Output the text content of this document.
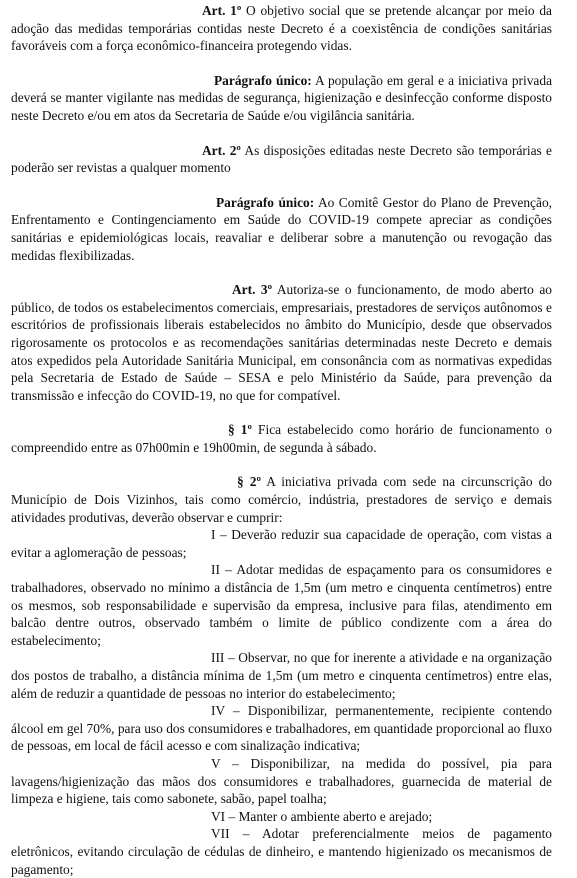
Art. 1º O objetivo social que se pretende alcançar por meio da adoção das medidas temporárias contidas neste Decreto é a coexistência de condições sanitárias favoráveis com a força econômico-financeira protegendo vidas.

Parágrafo único: A população em geral e a iniciativa privada deverá se manter vigilante nas medidas de segurança, higienização e desinfecção conforme disposto neste Decreto e/ou em atos da Secretaria de Saúde e/ou vigilância sanitária.

Art. 2º As disposições editadas neste Decreto são temporárias e poderão ser revistas a qualquer momento

Parágrafo único: Ao Comitê Gestor do Plano de Prevenção, Enfrentamento e Contingenciamento em Saúde do COVID-19 compete apreciar as condições sanitárias e epidemiológicas locais, reavaliar e deliberar sobre a manutenção ou revogação das medidas flexibilizadas.

Art. 3º Autoriza-se o funcionamento, de modo aberto ao público, de todos os estabelecimentos comerciais, empresariais, prestadores de serviços autônomos e escritórios de profissionais liberais estabelecidos no âmbito do Município, desde que observados rigorosamente os protocolos e as recomendações sanitárias determinadas neste Decreto e demais atos expedidos pela Autoridade Sanitária Municipal, em consonância com as normativas expedidas pela Secretaria de Estado de Saúde – SESA e pelo Ministério da Saúde, para prevenção da transmissão e infecção do COVID-19, no que for compatível.

§ 1º Fica estabelecido como horário de funcionamento o compreendido entre as 07h00min e 19h00min, de segunda à sábado.

§ 2º A iniciativa privada com sede na circunscrição do Município de Dois Vizinhos, tais como comércio, indústria, prestadores de serviço e demais atividades produtivas, deverão observar e cumprir:

I – Deverão reduzir sua capacidade de operação, com vistas a evitar a aglomeração de pessoas;

II – Adotar medidas de espaçamento para os consumidores e trabalhadores, observado no mínimo a distância de 1,5m (um metro e cinquenta centímetros) entre os mesmos, sob responsabilidade e supervisão da empresa, inclusive para filas, atendimento em balcão dentre outros, observado também o limite de público condizente com a área do estabelecimento;

III – Observar, no que for inerente a atividade e na organização dos postos de trabalho, a distância mínima de 1,5m (um metro e cinquenta centímetros) entre elas, além de reduzir a quantidade de pessoas no interior do estabelecimento;

IV – Disponibilizar, permanentemente, recipiente contendo álcool em gel 70%, para uso dos consumidores e trabalhadores, em quantidade proporcional ao fluxo de pessoas, em local de fácil acesso e com sinalização indicativa;

V – Disponibilizar, na medida do possível, pia para lavagens/higienização das mãos dos consumidores e trabalhadores, guarnecida de material de limpeza e higiene, tais como sabonete, sabão, papel toalha;

VI – Manter o ambiente aberto e arejado;

VII – Adotar preferencialmente meios de pagamento eletrônicos, evitando circulação de cédulas de dinheiro, e mantendo higienizado os mecanismos de pagamento;
